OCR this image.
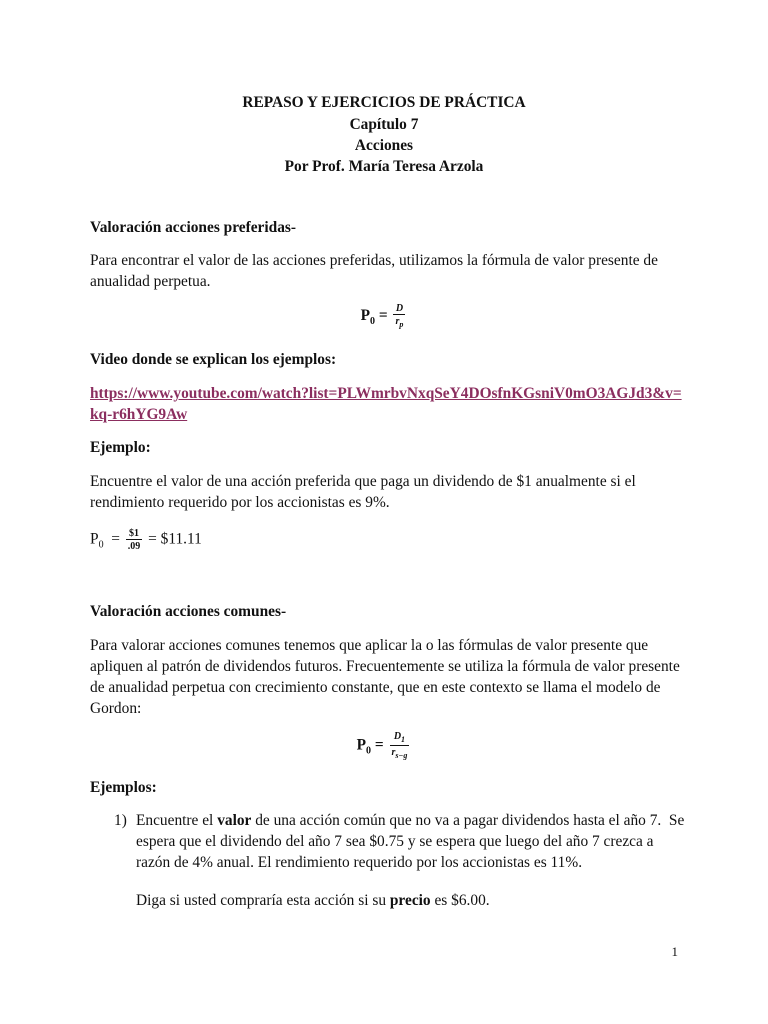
REPASO Y EJERCICIOS DE PRÁCTICA
Capítulo 7
Acciones
Por Prof. María Teresa Arzola
Valoración acciones preferidas-
Para encontrar el valor de las acciones preferidas, utilizamos la fórmula de valor presente de
anualidad perpetua.
$P_0 = \frac{D}{r_p}$
Video donde se explican los ejemplos:
https://www.youtube.com/watch?list=PLWmrbvNxqSeY4DOsfnKGsniV0mO3AGJd3&v=
kq-r6hYG9Aw
Ejemplo:
Encuentre el valor de una acción preferida que paga un dividendo de $1 anualmente si el
rendimiento requerido por los accionistas es 9%.
$P_0 = \frac{\$1}{.09}$ = $11.11
Valoración acciones comunes-
Para valorar acciones comunes tenemos que aplicar la o las fórmulas de valor presente que
apliquen al patrón de dividendos futuros. Frecuentemente se utiliza la fórmula de valor presente
de anualidad perpetua con crecimiento constante, que en este contexto se llama el modelo de
Gordon:
$P_0 = \frac{D_1}{r_{s-g}}$
Ejemplos:
1) Encuentre el valor de una acción común que no va a pagar dividendos hasta el año 7.  Se
espera que el dividendo del año 7 sea $0.75 y se espera que luego del año 7 crezca a
razón de 4% anual. El rendimiento requerido por los accionistas es 11%.
Diga si usted compraría esta acción si su precio es $6.00.
1
